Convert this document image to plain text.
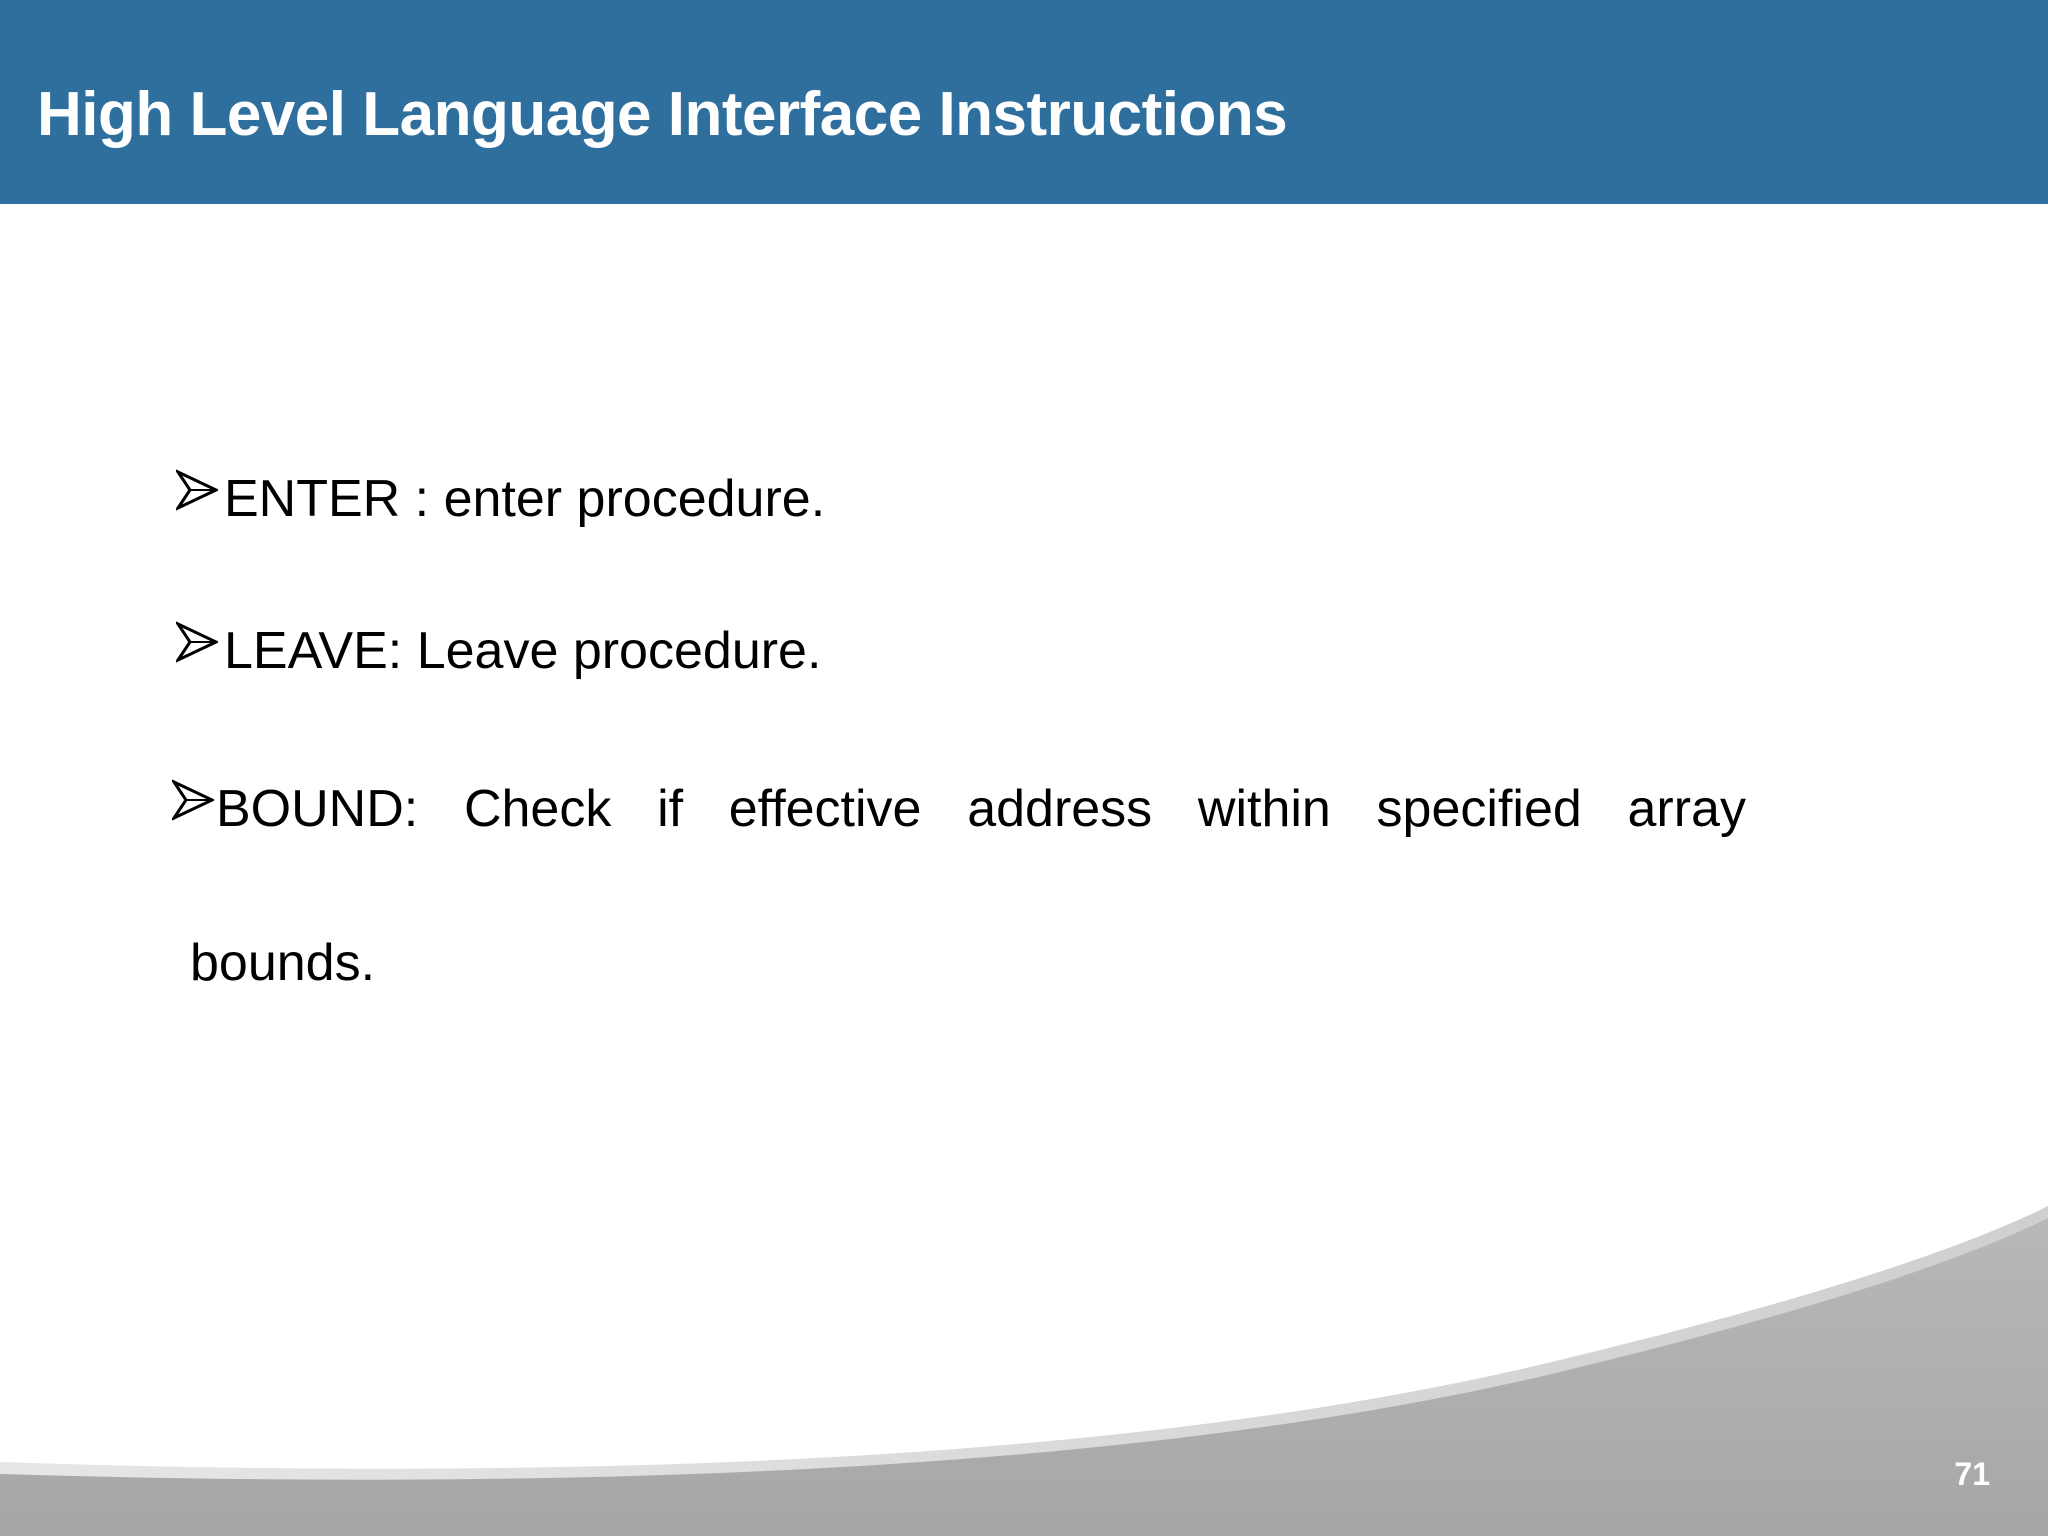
High Level Language Interface Instructions
ENTER : enter procedure.
LEAVE: Leave procedure.
BOUND: Check if effective address within specified array
bounds.
71
